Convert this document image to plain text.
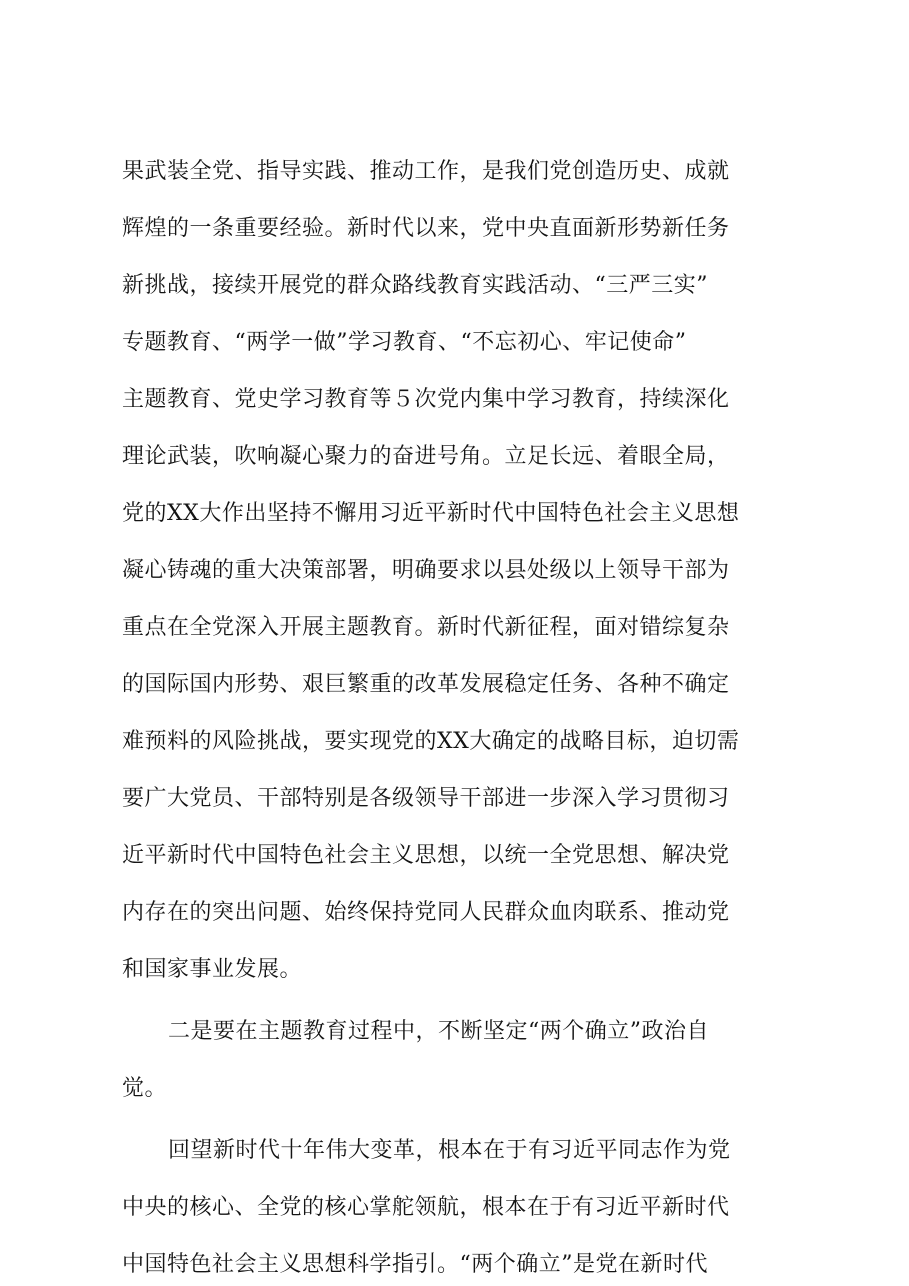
果武装全党、指导实践、推动工作，是我们党创造历史、成就
辉煌的一条重要经验。新时代以来，党中央直面新形势新任务
新挑战，接续开展党的群众路线教育实践活动、“三严三实”
专题教育、“两学一做”学习教育、“不忘初心、牢记使命”
主题教育、党史学习教育等５次党内集中学习教育，持续深化
理论武装，吹响凝心聚力的奋进号角。立足长远、着眼全局，
党的XX大作出坚持不懈用习近平新时代中国特色社会主义思想
凝心铸魂的重大决策部署，明确要求以县处级以上领导干部为
重点在全党深入开展主题教育。新时代新征程，面对错综复杂
的国际国内形势、艰巨繁重的改革发展稳定任务、各种不确定
难预料的风险挑战，要实现党的XX大确定的战略目标，迫切需
要广大党员、干部特别是各级领导干部进一步深入学习贯彻习
近平新时代中国特色社会主义思想，以统一全党思想、解决党
内存在的突出问题、始终保持党同人民群众血肉联系、推动党
和国家事业发展。
二是要在主题教育过程中，不断坚定“两个确立”政治自
觉。
回望新时代十年伟大变革，根本在于有习近平同志作为党
中央的核心、全党的核心掌舵领航，根本在于有习近平新时代
中国特色社会主义思想科学指引。“两个确立”是党在新时代
